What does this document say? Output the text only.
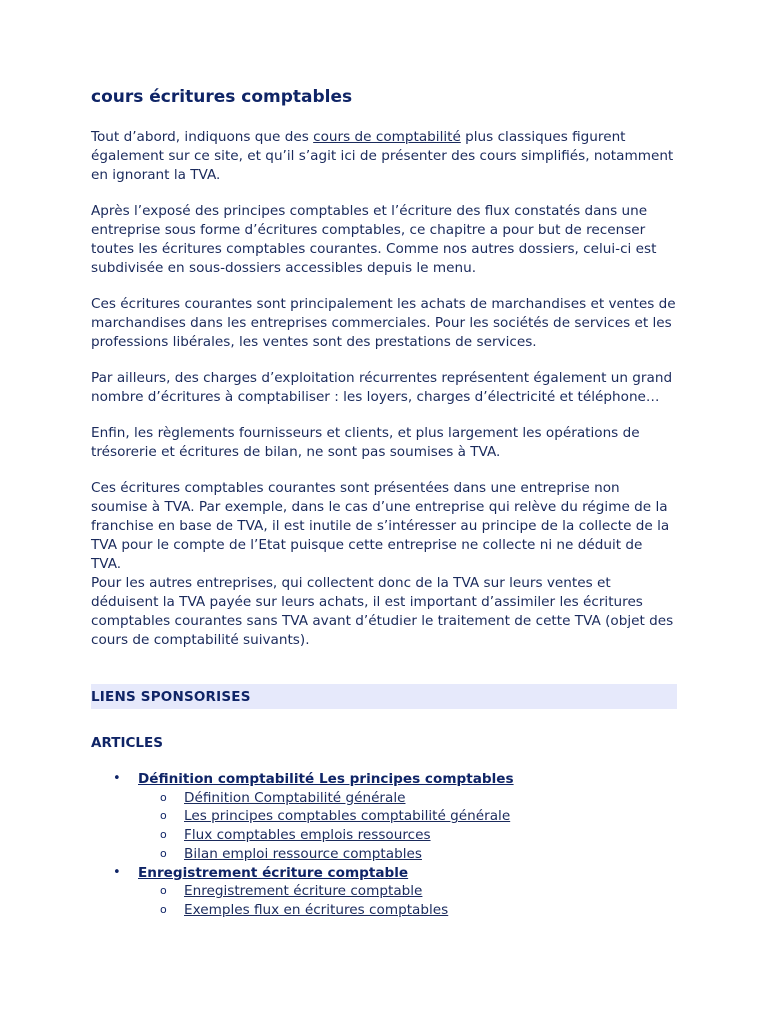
cours écritures comptables

Tout d’abord, indiquons que des cours de comptabilité plus classiques figurent également sur ce site, et qu’il s’agit ici de présenter des cours simplifiés, notamment en ignorant la TVA.

Après l’exposé des principes comptables et l’écriture des flux constatés dans une entreprise sous forme d’écritures comptables, ce chapitre a pour but de recenser toutes les écritures comptables courantes. Comme nos autres dossiers, celui-ci est subdivisée en sous-dossiers accessibles depuis le menu.

Ces écritures courantes sont principalement les achats de marchandises et ventes de marchandises dans les entreprises commerciales. Pour les sociétés de services et les professions libérales, les ventes sont des prestations de services.

Par ailleurs, des charges d’exploitation récurrentes représentent également un grand nombre d’écritures à comptabiliser : les loyers, charges d’électricité et téléphone…

Enfin, les règlements fournisseurs et clients, et plus largement les opérations de trésorerie et écritures de bilan, ne sont pas soumises à TVA.

Ces écritures comptables courantes sont présentées dans une entreprise non soumise à TVA. Par exemple, dans le cas d’une entreprise qui relève du régime de la franchise en base de TVA, il est inutile de s’intéresser au principe de la collecte de la TVA pour le compte de l’Etat puisque cette entreprise ne collecte ni ne déduit de TVA.

Pour les autres entreprises, qui collectent donc de la TVA sur leurs ventes et déduisent la TVA payée sur leurs achats, il est important d’assimiler les écritures comptables courantes sans TVA avant d’étudier le traitement de cette TVA (objet des cours de comptabilité suivants).

LIENS SPONSORISES
ARTICLES
• Définition comptabilité Les principes comptables
o Définition Comptabilité générale
o Les principes comptables comptabilité générale
o Flux comptables emplois ressources
o Bilan emploi ressource comptables
• Enregistrement écriture comptable
o Enregistrement écriture comptable
o Exemples flux en écritures comptables
